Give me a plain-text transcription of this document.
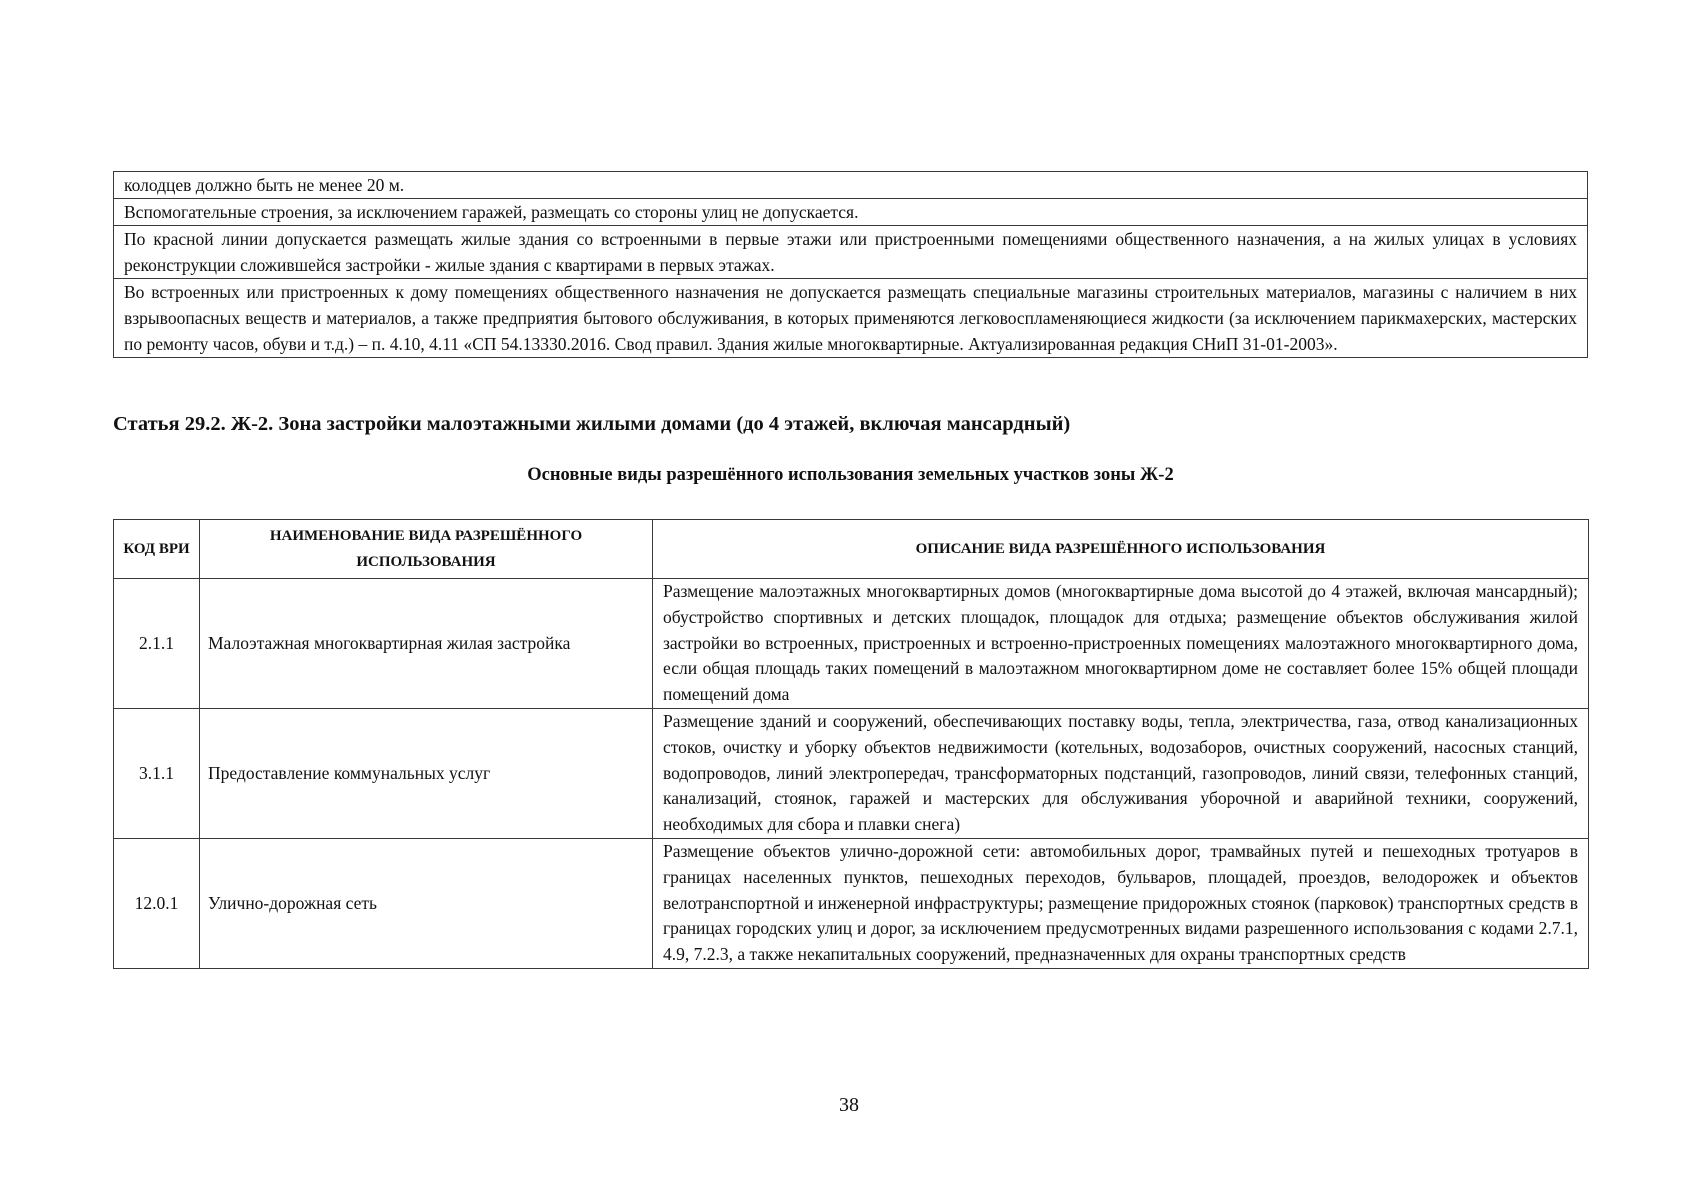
колодцев должно быть не менее 20 м.
Вспомогательные строения, за исключением гаражей, размещать со стороны улиц не допускается.
По красной линии допускается размещать жилые здания со встроенными в первые этажи или пристроенными помещениями общественного назначения, а на жилых улицах в условиях реконструкции сложившейся застройки - жилые здания с квартирами в первых этажах.
Во встроенных или пристроенных к дому помещениях общественного назначения не допускается размещать специальные магазины строительных материалов, магазины с наличием в них взрывоопасных веществ и материалов, а также предприятия бытового обслуживания, в которых применяются легковоспламеняющиеся жидкости (за исключением парикмахерских, мастерских по ремонту часов, обуви и т.д.) – п. 4.10, 4.11 «СП 54.13330.2016. Свод правил. Здания жилые многоквартирные. Актуализированная редакция СНиП 31-01-2003».
Статья 29.2. Ж-2. Зона застройки малоэтажными жилыми домами (до 4 этажей, включая мансардный)
Основные виды разрешённого использования земельных участков зоны Ж-2
КОД ВРИ	НАИМЕНОВАНИЕ ВИДА РАЗРЕШЁННОГО ИСПОЛЬЗОВАНИЯ	ОПИСАНИЕ ВИДА РАЗРЕШЁННОГО ИСПОЛЬЗОВАНИЯ
2.1.1	Малоэтажная многоквартирная жилая застройка	Размещение малоэтажных многоквартирных домов (многоквартирные дома высотой до 4 этажей, включая мансардный); обустройство спортивных и детских площадок, площадок для отдыха; размещение объектов обслуживания жилой застройки во встроенных, пристроенных и встроенно-пристроенных помещениях малоэтажного многоквартирного дома, если общая площадь таких помещений в малоэтажном многоквартирном доме не составляет более 15% общей площади помещений дома
3.1.1	Предоставление коммунальных услуг	Размещение зданий и сооружений, обеспечивающих поставку воды, тепла, электричества, газа, отвод канализационных стоков, очистку и уборку объектов недвижимости (котельных, водозаборов, очистных сооружений, насосных станций, водопроводов, линий электропередач, трансформаторных подстанций, газопроводов, линий связи, телефонных станций, канализаций, стоянок, гаражей и мастерских для обслуживания уборочной и аварийной техники, сооружений, необходимых для сбора и плавки снега)
12.0.1	Улично-дорожная сеть	Размещение объектов улично-дорожной сети: автомобильных дорог, трамвайных путей и пешеходных тротуаров в границах населенных пунктов, пешеходных переходов, бульваров, площадей, проездов, велодорожек и объектов велотранспортной и инженерной инфраструктуры; размещение придорожных стоянок (парковок) транспортных средств в границах городских улиц и дорог, за исключением предусмотренных видами разрешенного использования с кодами 2.7.1, 4.9, 7.2.3, а также некапитальных сооружений, предназначенных для охраны транспортных средств
38
